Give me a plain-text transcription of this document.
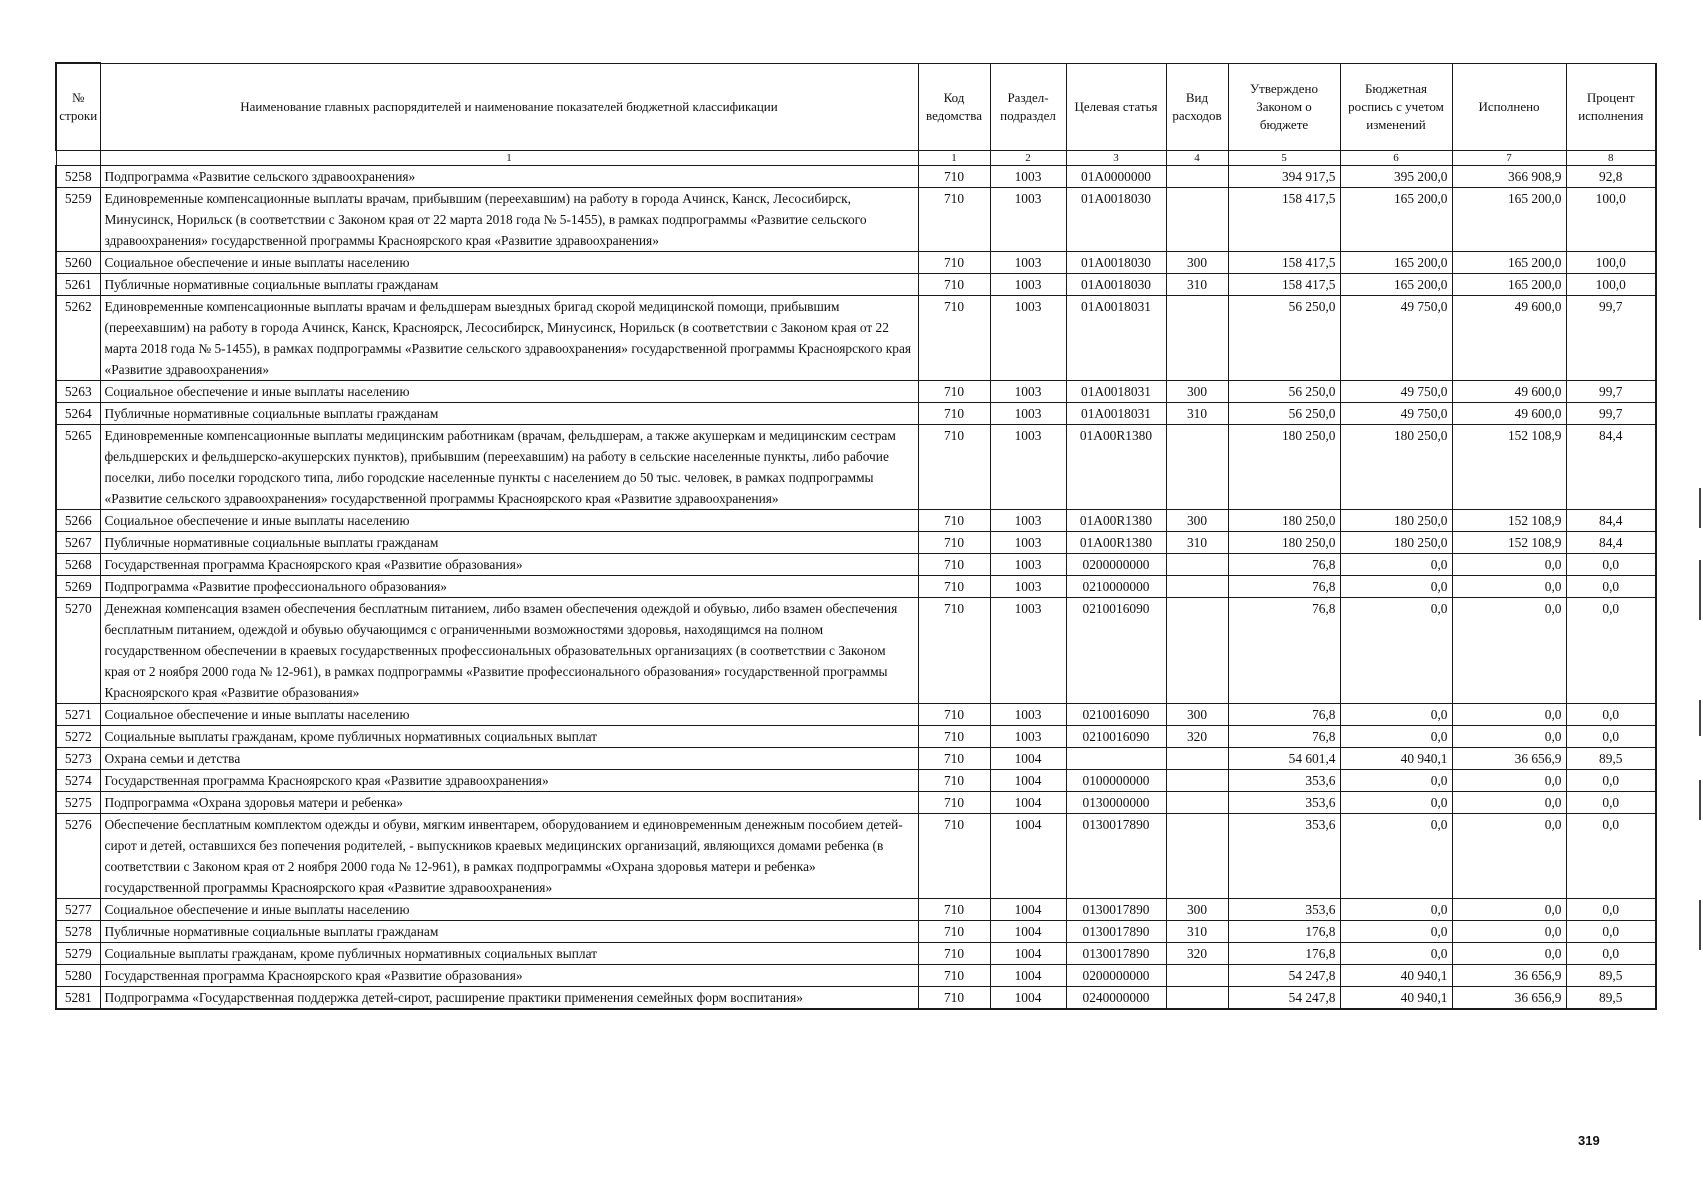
№ строки	Наименование главных распорядителей и наименование показателей бюджетной классификации	Код ведомства	Раздел-подраздел	Целевая статья	Вид расходов	Утверждено Законом о бюджете	Бюджетная роспись с учетом изменений	Исполнено	Процент исполнения
	1	1	2	3	4	5	6	7	8
5258	Подпрограмма «Развитие сельского здравоохранения»	710	1003	01А0000000		394 917,5	395 200,0	366 908,9	92,8
5259	Единовременные компенсационные выплаты врачам, прибывшим (переехавшим) на работу в города Ачинск, Канск, Лесосибирск, Минусинск, Норильск (в соответствии с Законом края от 22 марта 2018 года № 5-1455), в рамках подпрограммы «Развитие сельского здравоохранения» государственной программы Красноярского края «Развитие здравоохранения»	710	1003	01А0018030		158 417,5	165 200,0	165 200,0	100,0
5260	Социальное обеспечение и иные выплаты населению	710	1003	01А0018030	300	158 417,5	165 200,0	165 200,0	100,0
5261	Публичные нормативные социальные выплаты гражданам	710	1003	01А0018030	310	158 417,5	165 200,0	165 200,0	100,0
5262	Единовременные компенсационные выплаты врачам и фельдшерам выездных бригад скорой медицинской помощи, прибывшим (переехавшим) на работу в города Ачинск, Канск, Красноярск, Лесосибирск, Минусинск, Норильск (в соответствии с Законом края от 22 марта 2018 года № 5-1455), в рамках подпрограммы «Развитие сельского здравоохранения» государственной программы Красноярского края «Развитие здравоохранения»	710	1003	01А0018031		56 250,0	49 750,0	49 600,0	99,7
5263	Социальное обеспечение и иные выплаты населению	710	1003	01А0018031	300	56 250,0	49 750,0	49 600,0	99,7
5264	Публичные нормативные социальные выплаты гражданам	710	1003	01А0018031	310	56 250,0	49 750,0	49 600,0	99,7
5265	Единовременные компенсационные выплаты медицинским работникам (врачам, фельдшерам, а также акушеркам и медицинским сестрам фельдшерских и фельдшерско-акушерских пунктов), прибывшим (переехавшим) на работу в сельские населенные пункты, либо рабочие поселки, либо поселки городского типа, либо городские населенные пункты с населением до 50 тыс. человек, в рамках подпрограммы «Развитие сельского здравоохранения» государственной программы Красноярского края «Развитие здравоохранения»	710	1003	01А00R1380		180 250,0	180 250,0	152 108,9	84,4
5266	Социальное обеспечение и иные выплаты населению	710	1003	01А00R1380	300	180 250,0	180 250,0	152 108,9	84,4
5267	Публичные нормативные социальные выплаты гражданам	710	1003	01А00R1380	310	180 250,0	180 250,0	152 108,9	84,4
5268	Государственная программа Красноярского края «Развитие образования»	710	1003	0200000000		76,8	0,0	0,0	0,0
5269	Подпрограмма «Развитие профессионального образования»	710	1003	0210000000		76,8	0,0	0,0	0,0
5270	Денежная компенсация взамен обеспечения бесплатным питанием, либо взамен обеспечения одеждой и обувью, либо взамен обеспечения бесплатным питанием, одеждой и обувью обучающимся с ограниченными возможностями здоровья, находящимся на полном государственном обеспечении в краевых государственных профессиональных образовательных организациях (в соответствии с Законом края от 2 ноября 2000 года № 12-961), в рамках подпрограммы «Развитие профессионального образования» государственной программы Красноярского края «Развитие образования»	710	1003	0210016090		76,8	0,0	0,0	0,0
5271	Социальное обеспечение и иные выплаты населению	710	1003	0210016090	300	76,8	0,0	0,0	0,0
5272	Социальные выплаты гражданам, кроме публичных нормативных социальных выплат	710	1003	0210016090	320	76,8	0,0	0,0	0,0
5273	Охрана семьи и детства	710	1004			54 601,4	40 940,1	36 656,9	89,5
5274	Государственная программа Красноярского края «Развитие здравоохранения»	710	1004	0100000000		353,6	0,0	0,0	0,0
5275	Подпрограмма «Охрана здоровья матери и ребенка»	710	1004	0130000000		353,6	0,0	0,0	0,0
5276	Обеспечение бесплатным комплектом одежды и обуви, мягким инвентарем, оборудованием и единовременным денежным пособием детей-сирот и детей, оставшихся без попечения родителей, - выпускников краевых медицинских организаций, являющихся домами ребенка (в соответствии с Законом края от 2 ноября 2000 года № 12-961), в рамках подпрограммы «Охрана здоровья матери и ребенка» государственной программы Красноярского края «Развитие здравоохранения»	710	1004	0130017890		353,6	0,0	0,0	0,0
5277	Социальное обеспечение и иные выплаты населению	710	1004	0130017890	300	353,6	0,0	0,0	0,0
5278	Публичные нормативные социальные выплаты гражданам	710	1004	0130017890	310	176,8	0,0	0,0	0,0
5279	Социальные выплаты гражданам, кроме публичных нормативных социальных выплат	710	1004	0130017890	320	176,8	0,0	0,0	0,0
5280	Государственная программа Красноярского края «Развитие образования»	710	1004	0200000000		54 247,8	40 940,1	36 656,9	89,5
5281	Подпрограмма «Государственная поддержка детей-сирот, расширение практики применения семейных форм воспитания»	710	1004	0240000000		54 247,8	40 940,1	36 656,9	89,5
319
